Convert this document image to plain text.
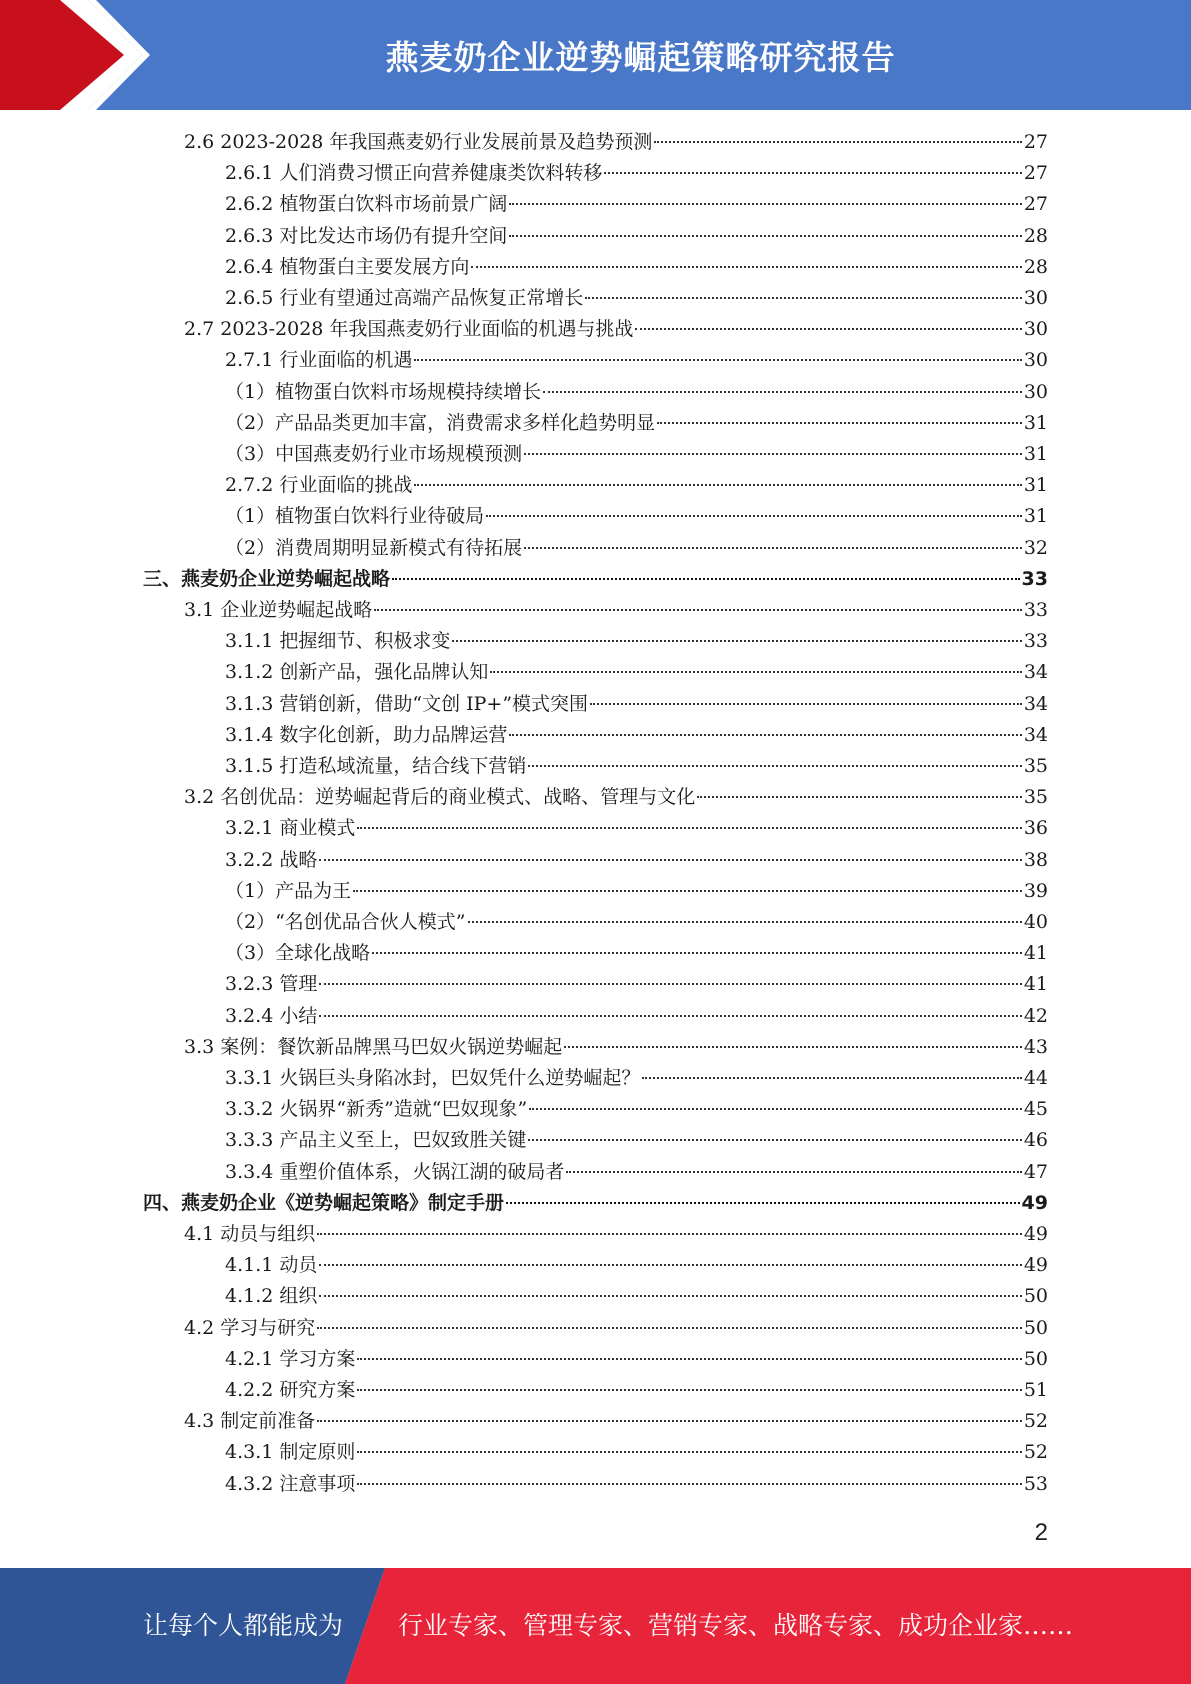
燕麦奶企业逆势崛起策略研究报告
2.6 2023-2028 年我国燕麦奶行业发展前景及趋势预测	27
2.6.1 人们消费习惯正向营养健康类饮料转移	27
2.6.2 植物蛋白饮料市场前景广阔	27
2.6.3 对比发达市场仍有提升空间	28
2.6.4 植物蛋白主要发展方向	28
2.6.5 行业有望通过高端产品恢复正常增长	30
2.7 2023-2028 年我国燕麦奶行业面临的机遇与挑战	30
2.7.1 行业面临的机遇	30
（1）植物蛋白饮料市场规模持续增长	30
（2）产品品类更加丰富，消费需求多样化趋势明显	31
（3）中国燕麦奶行业市场规模预测	31
2.7.2 行业面临的挑战	31
（1）植物蛋白饮料行业待破局	31
（2）消费周期明显新模式有待拓展	32
三、燕麦奶企业逆势崛起战略	33
3.1 企业逆势崛起战略	33
3.1.1 把握细节、积极求变	33
3.1.2 创新产品，强化品牌认知	34
3.1.3 营销创新，借助“文创 IP+”模式突围	34
3.1.4 数字化创新，助力品牌运营	34
3.1.5 打造私域流量，结合线下营销	35
3.2 名创优品：逆势崛起背后的商业模式、战略、管理与文化	35
3.2.1 商业模式	36
3.2.2 战略	38
（1）产品为王	39
（2）“名创优品合伙人模式”	40
（3）全球化战略	41
3.2.3 管理	41
3.2.4 小结	42
3.3 案例：餐饮新品牌黑马巴奴火锅逆势崛起	43
3.3.1 火锅巨头身陷冰封，巴奴凭什么逆势崛起？	44
3.3.2 火锅界“新秀”造就“巴奴现象”	45
3.3.3 产品主义至上，巴奴致胜关键	46
3.3.4 重塑价值体系，火锅江湖的破局者	47
四、燕麦奶企业《逆势崛起策略》制定手册	49
4.1 动员与组织	49
4.1.1 动员	49
4.1.2 组织	50
4.2 学习与研究	50
4.2.1 学习方案	50
4.2.2 研究方案	51
4.3 制定前准备	52
4.3.1 制定原则	52
4.3.2 注意事项	53
2
让每个人都能成为 行业专家、管理专家、营销专家、战略专家、成功企业家……
